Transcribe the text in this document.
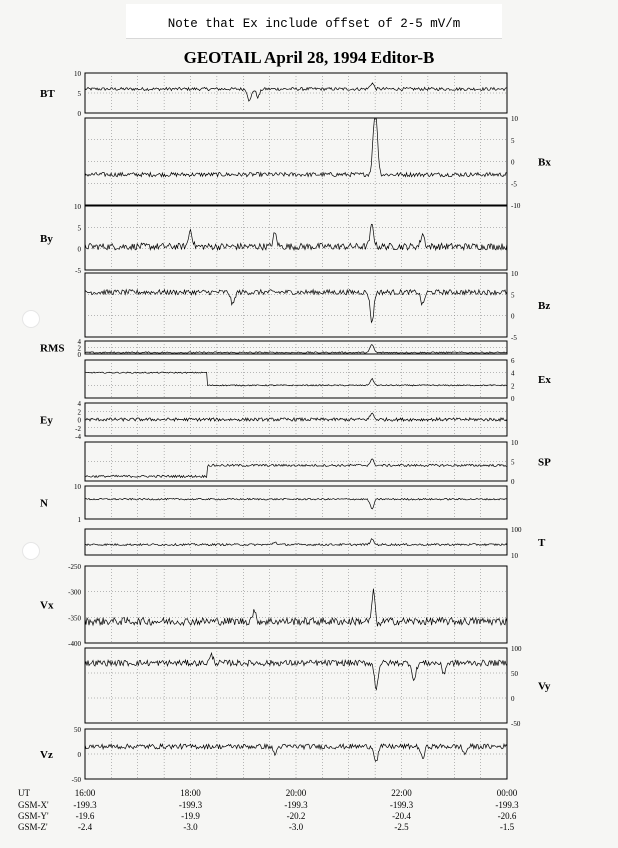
Note that Ex include offset of 2-5 mV/m
GEOTAIL April 28, 1994 Editor-B
10
5
0
BT
10
5
0
-5
-10
Bx
10
5
0
-5
By
10
5
0
-5
Bz
4
2
0
RMS
6
4
2
0
Ex
4
2
0
-2
-4
Ey
10
5
0
SP
10
1
N
100
10
T
-250
-300
-350
-400
Vx
100
50
0
-50
Vy
50
0
-50
Vz
UT	16:00	18:00	20:00	22:00	00:00
GSM-X'	-199.3	-199.3	-199.3	-199.3	-199.3
GSM-Y'	-19.6	-19.9	-20.2	-20.4	-20.6
GSM-Z'	-2.4	-3.0	-3.0	-2.5	-1.5
